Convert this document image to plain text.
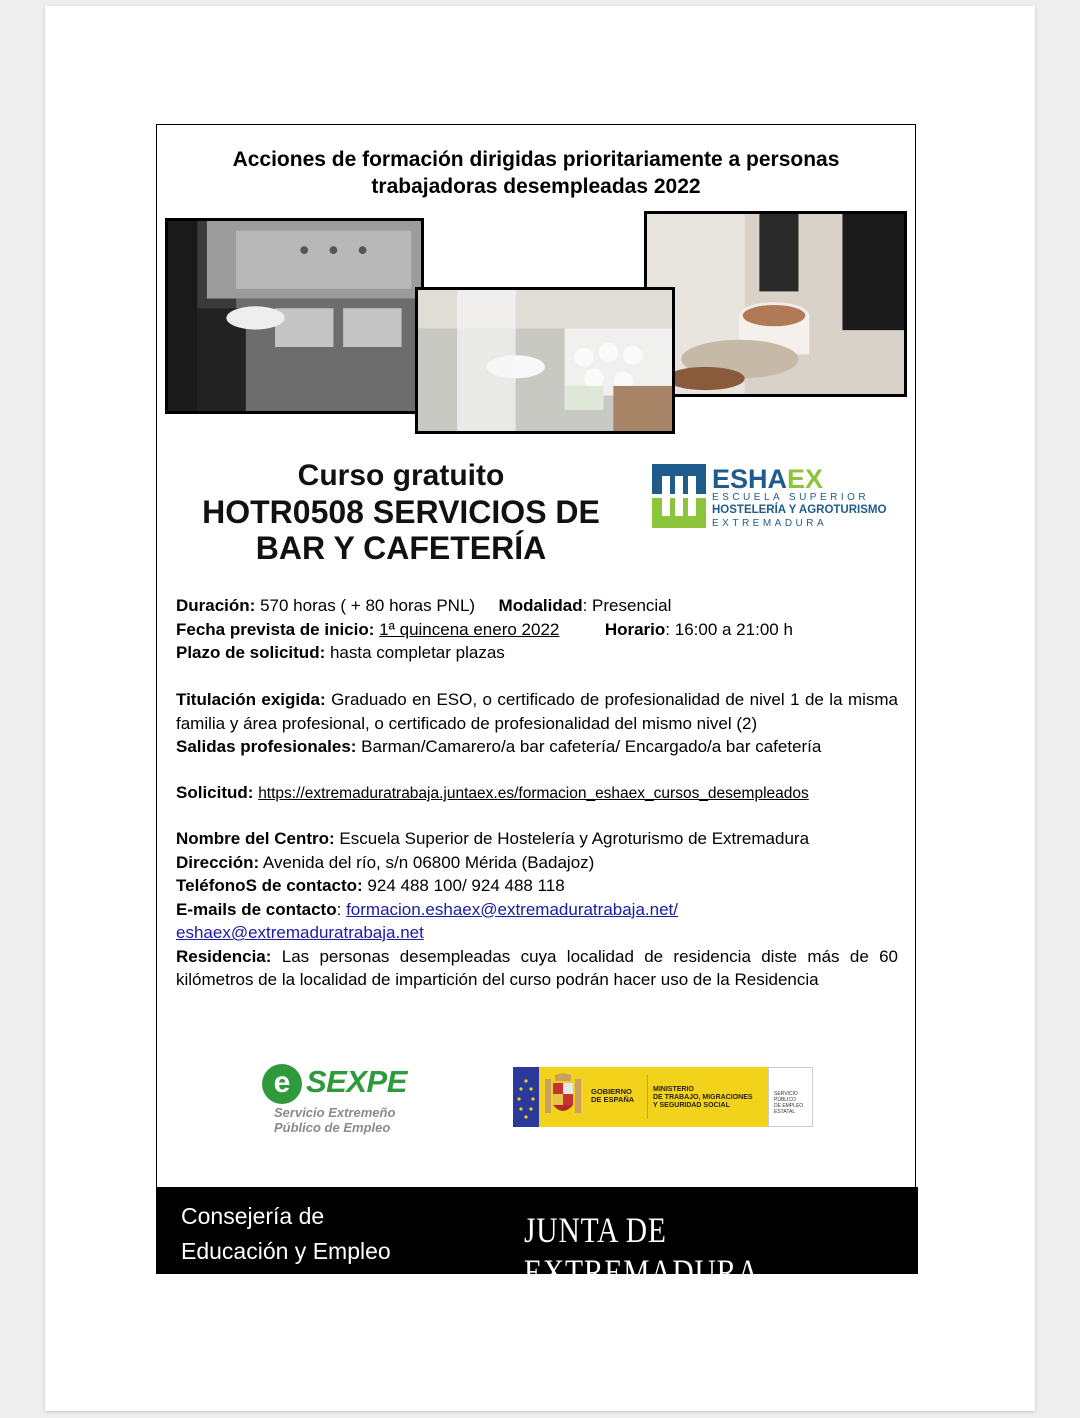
Acciones de formación dirigidas prioritariamente a personas
trabajadoras desempleadas 2022
Curso gratuito
HOTR0508 SERVICIOS DE
BAR Y CAFETERÍA
ESHAEX
ESCUELA SUPERIOR
HOSTELERÍA Y AGROTURISMO
EXTREMADURA
Duración: 570 horas ( + 80 horas PNL) Modalidad: Presencial
Fecha prevista de inicio: 1ª quincena enero 2022	Horario: 16:00 a 21:00 h
Plazo de solicitud: hasta completar plazas
Titulación exigida: Graduado en ESO, o certificado de profesionalidad de nivel 1 de la misma familia y área profesional, o certificado de profesionalidad del mismo nivel (2)
Salidas profesionales: Barman/Camarero/a bar cafetería/ Encargado/a bar cafetería
Solicitud: https://extremaduratrabaja.juntaex.es/formacion_eshaex_cursos_desempleados
Nombre del Centro: Escuela Superior de Hostelería y Agroturismo de Extremadura
Dirección: Avenida del río, s/n 06800 Mérida (Badajoz)
TeléfonoS de contacto: 924 488 100/ 924 488 118
E-mails de contacto: formacion.eshaex@extremaduratrabaja.net/
eshaex@extremaduratrabaja.net
Residencia: Las personas desempleadas cuya localidad de residencia diste más de 60 kilómetros de la localidad de impartición del curso podrán hacer uso de la Residencia
e SEXPE
Servicio Extremeño
Público de Empleo
GOBIERNO
DE ESPAÑA
MINISTERIO
DE TRABAJO, MIGRACIONES
Y SEGURIDAD SOCIAL
SERVICIO PÚBLICO
DE EMPLEO ESTATAL
Consejería de
Educación y Empleo
JUNTA DE EXTREMADURA
